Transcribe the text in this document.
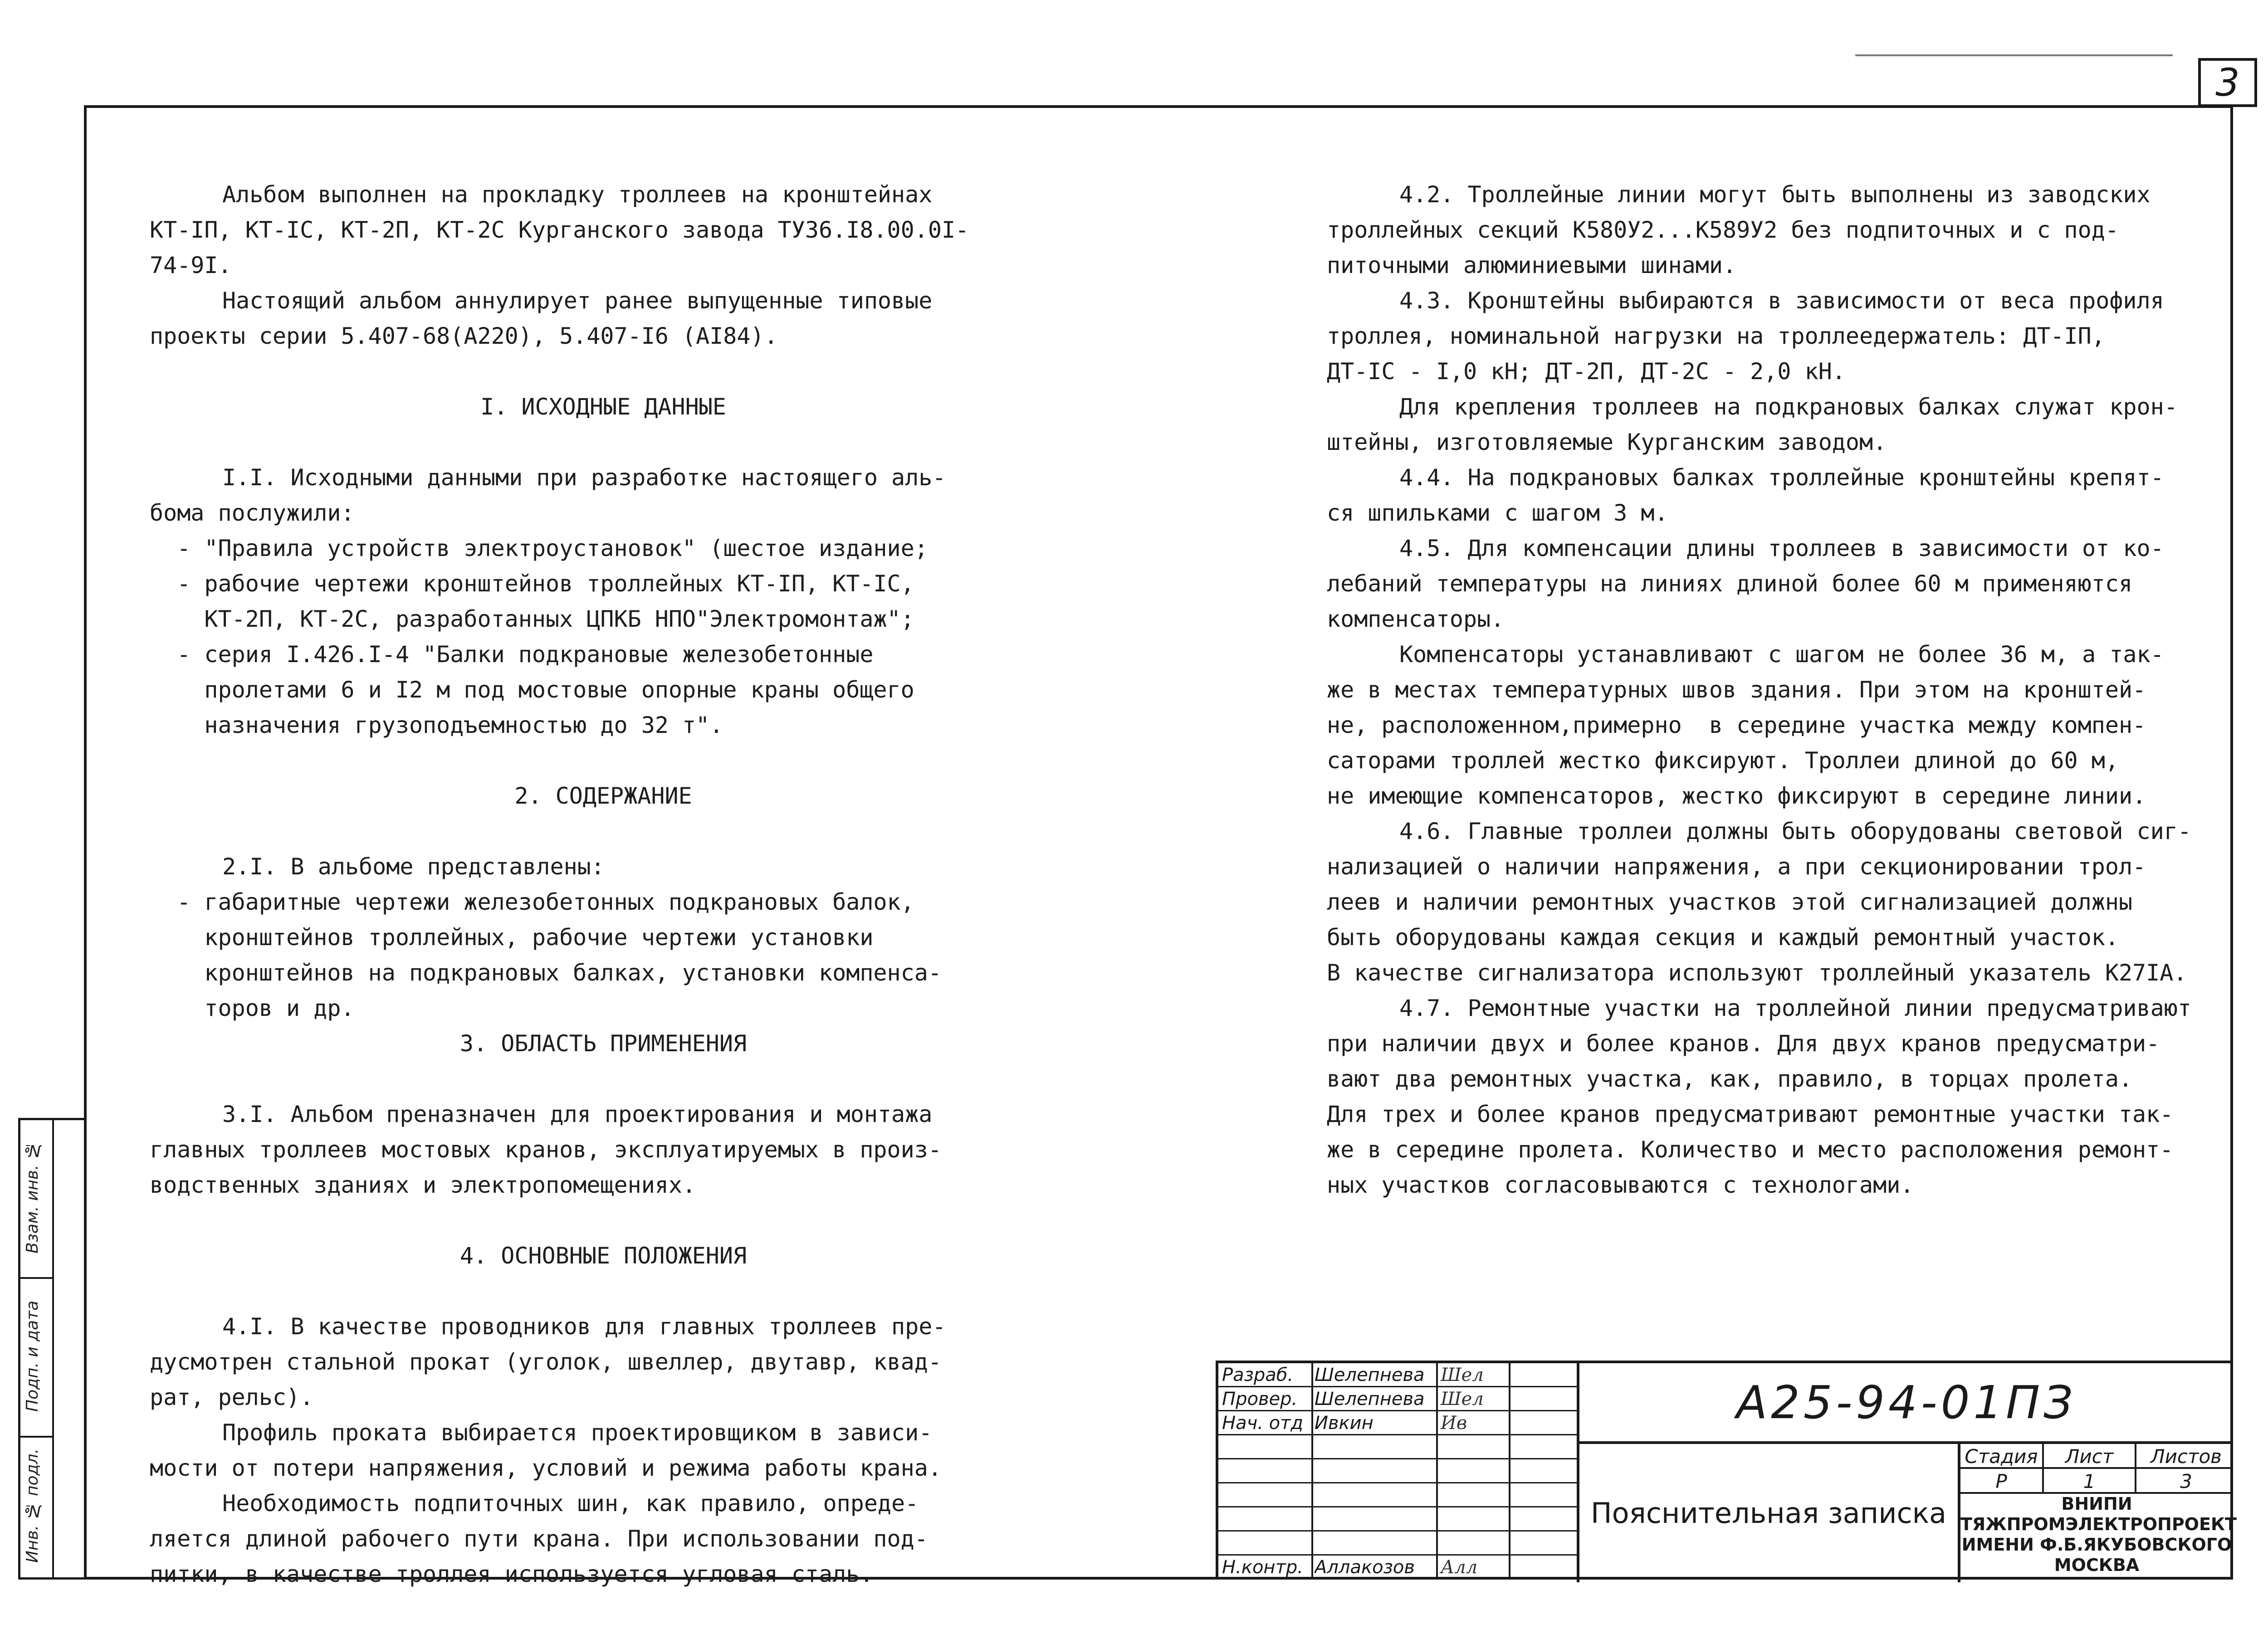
3
Альбом выполнен на прокладку троллеев на кронштейнах
КТ-IП, КТ-IС, КТ-2П, КТ-2С Курганского завода ТУ36.I8.00.0I-
74-9I.
Настоящий альбом аннулирует ранее выпущенные типовые
проекты серии 5.407-68(А220), 5.407-I6 (АI84).
I. ИСХОДНЫЕ ДАННЫЕ
I.I. Исходными данными при разработке настоящего аль-
бома послужили:
- "Правила устройств электроустановок" (шестое издание;
- рабочие чертежи кронштейнов троллейных КТ-IП, КТ-IС,
КТ-2П, КТ-2С, разработанных ЦПКБ НПО"Электромонтаж";
- серия I.426.I-4 "Балки подкрановые железобетонные
пролетами 6 и I2 м под мостовые опорные краны общего
назначения грузоподъемностью до 32 т".
2. СОДЕРЖАНИЕ
2.I. В альбоме представлены:
- габаритные чертежи железобетонных подкрановых балок,
кронштейнов троллейных, рабочие чертежи установки
кронштейнов на подкрановых балках, установки компенса-
торов и др.
3. ОБЛАСТЬ ПРИМЕНЕНИЯ
3.I. Альбом преназначен для проектирования и монтажа
главных троллеев мостовых кранов, эксплуатируемых в произ-
водственных зданиях и электропомещениях.
4. ОСНОВНЫЕ ПОЛОЖЕНИЯ
4.I. В качестве проводников для главных троллеев пре-
дусмотрен стальной прокат (уголок, швеллер, двутавр, квад-
рат, рельс).
Профиль проката выбирается проектировщиком в зависи-
мости от потери напряжения, условий и режима работы крана.
Необходимость подпиточных шин, как правило, опреде-
ляется длиной рабочего пути крана. При использовании под-
питки, в качестве троллея используется угловая сталь.
4.2. Троллейные линии могут быть выполнены из заводских
троллейных секций К580У2...К589У2 без подпиточных и с под-
питочными алюминиевыми шинами.
4.3. Кронштейны выбираются в зависимости от веса профиля
троллея, номинальной нагрузки на троллеедержатель: ДТ-IП,
ДТ-IС - I,0 кН; ДТ-2П, ДТ-2С - 2,0 кН.
Для крепления троллеев на подкрановых балках служат крон-
штейны, изготовляемые Курганским заводом.
4.4. На подкрановых балках троллейные кронштейны крепят-
ся шпильками с шагом 3 м.
4.5. Для компенсации длины троллеев в зависимости от ко-
лебаний температуры на линиях длиной более 60 м применяются
компенсаторы.
Компенсаторы устанавливают с шагом не более 36 м, а так-
же в местах температурных швов здания. При этом на кронштей-
не, расположенном,примерно  в середине участка между компен-
саторами троллей жестко фиксируют. Троллеи длиной до 60 м,
не имеющие компенсаторов, жестко фиксируют в середине линии.
4.6. Главные троллеи должны быть оборудованы световой сиг-
нализацией о наличии напряжения, а при секционировании трол-
леев и наличии ремонтных участков этой сигнализацией должны
быть оборудованы каждая секция и каждый ремонтный участок.
В качестве сигнализатора используют троллейный указатель К27IА.
4.7. Ремонтные участки на троллейной линии предусматривают
при наличии двух и более кранов. Для двух кранов предусматри-
вают два ремонтных участка, как, правило, в торцах пролета.
Для трех и более кранов предусматривают ремонтные участки так-
же в середине пролета. Количество и место расположения ремонт-
ных участков согласовываются с технологами.
Взам. инв. №
Подп. и дата
Инв. № подл.
Разраб.	Шелепнева Шел
Провер. Шелепнева Шел
Нач. отд Ивкин	Ив
Н.контр. Аллакозов	Алл
А25-94-01ПЗ
Пояснительная записка
Стадия	Лист	Листов
Р	1	3
ВНИПИ
ТЯЖПРОМЭЛЕКТРОПРОЕКТ
ИМЕНИ Ф.Б.ЯКУБОВСКОГО
МОСКВА
